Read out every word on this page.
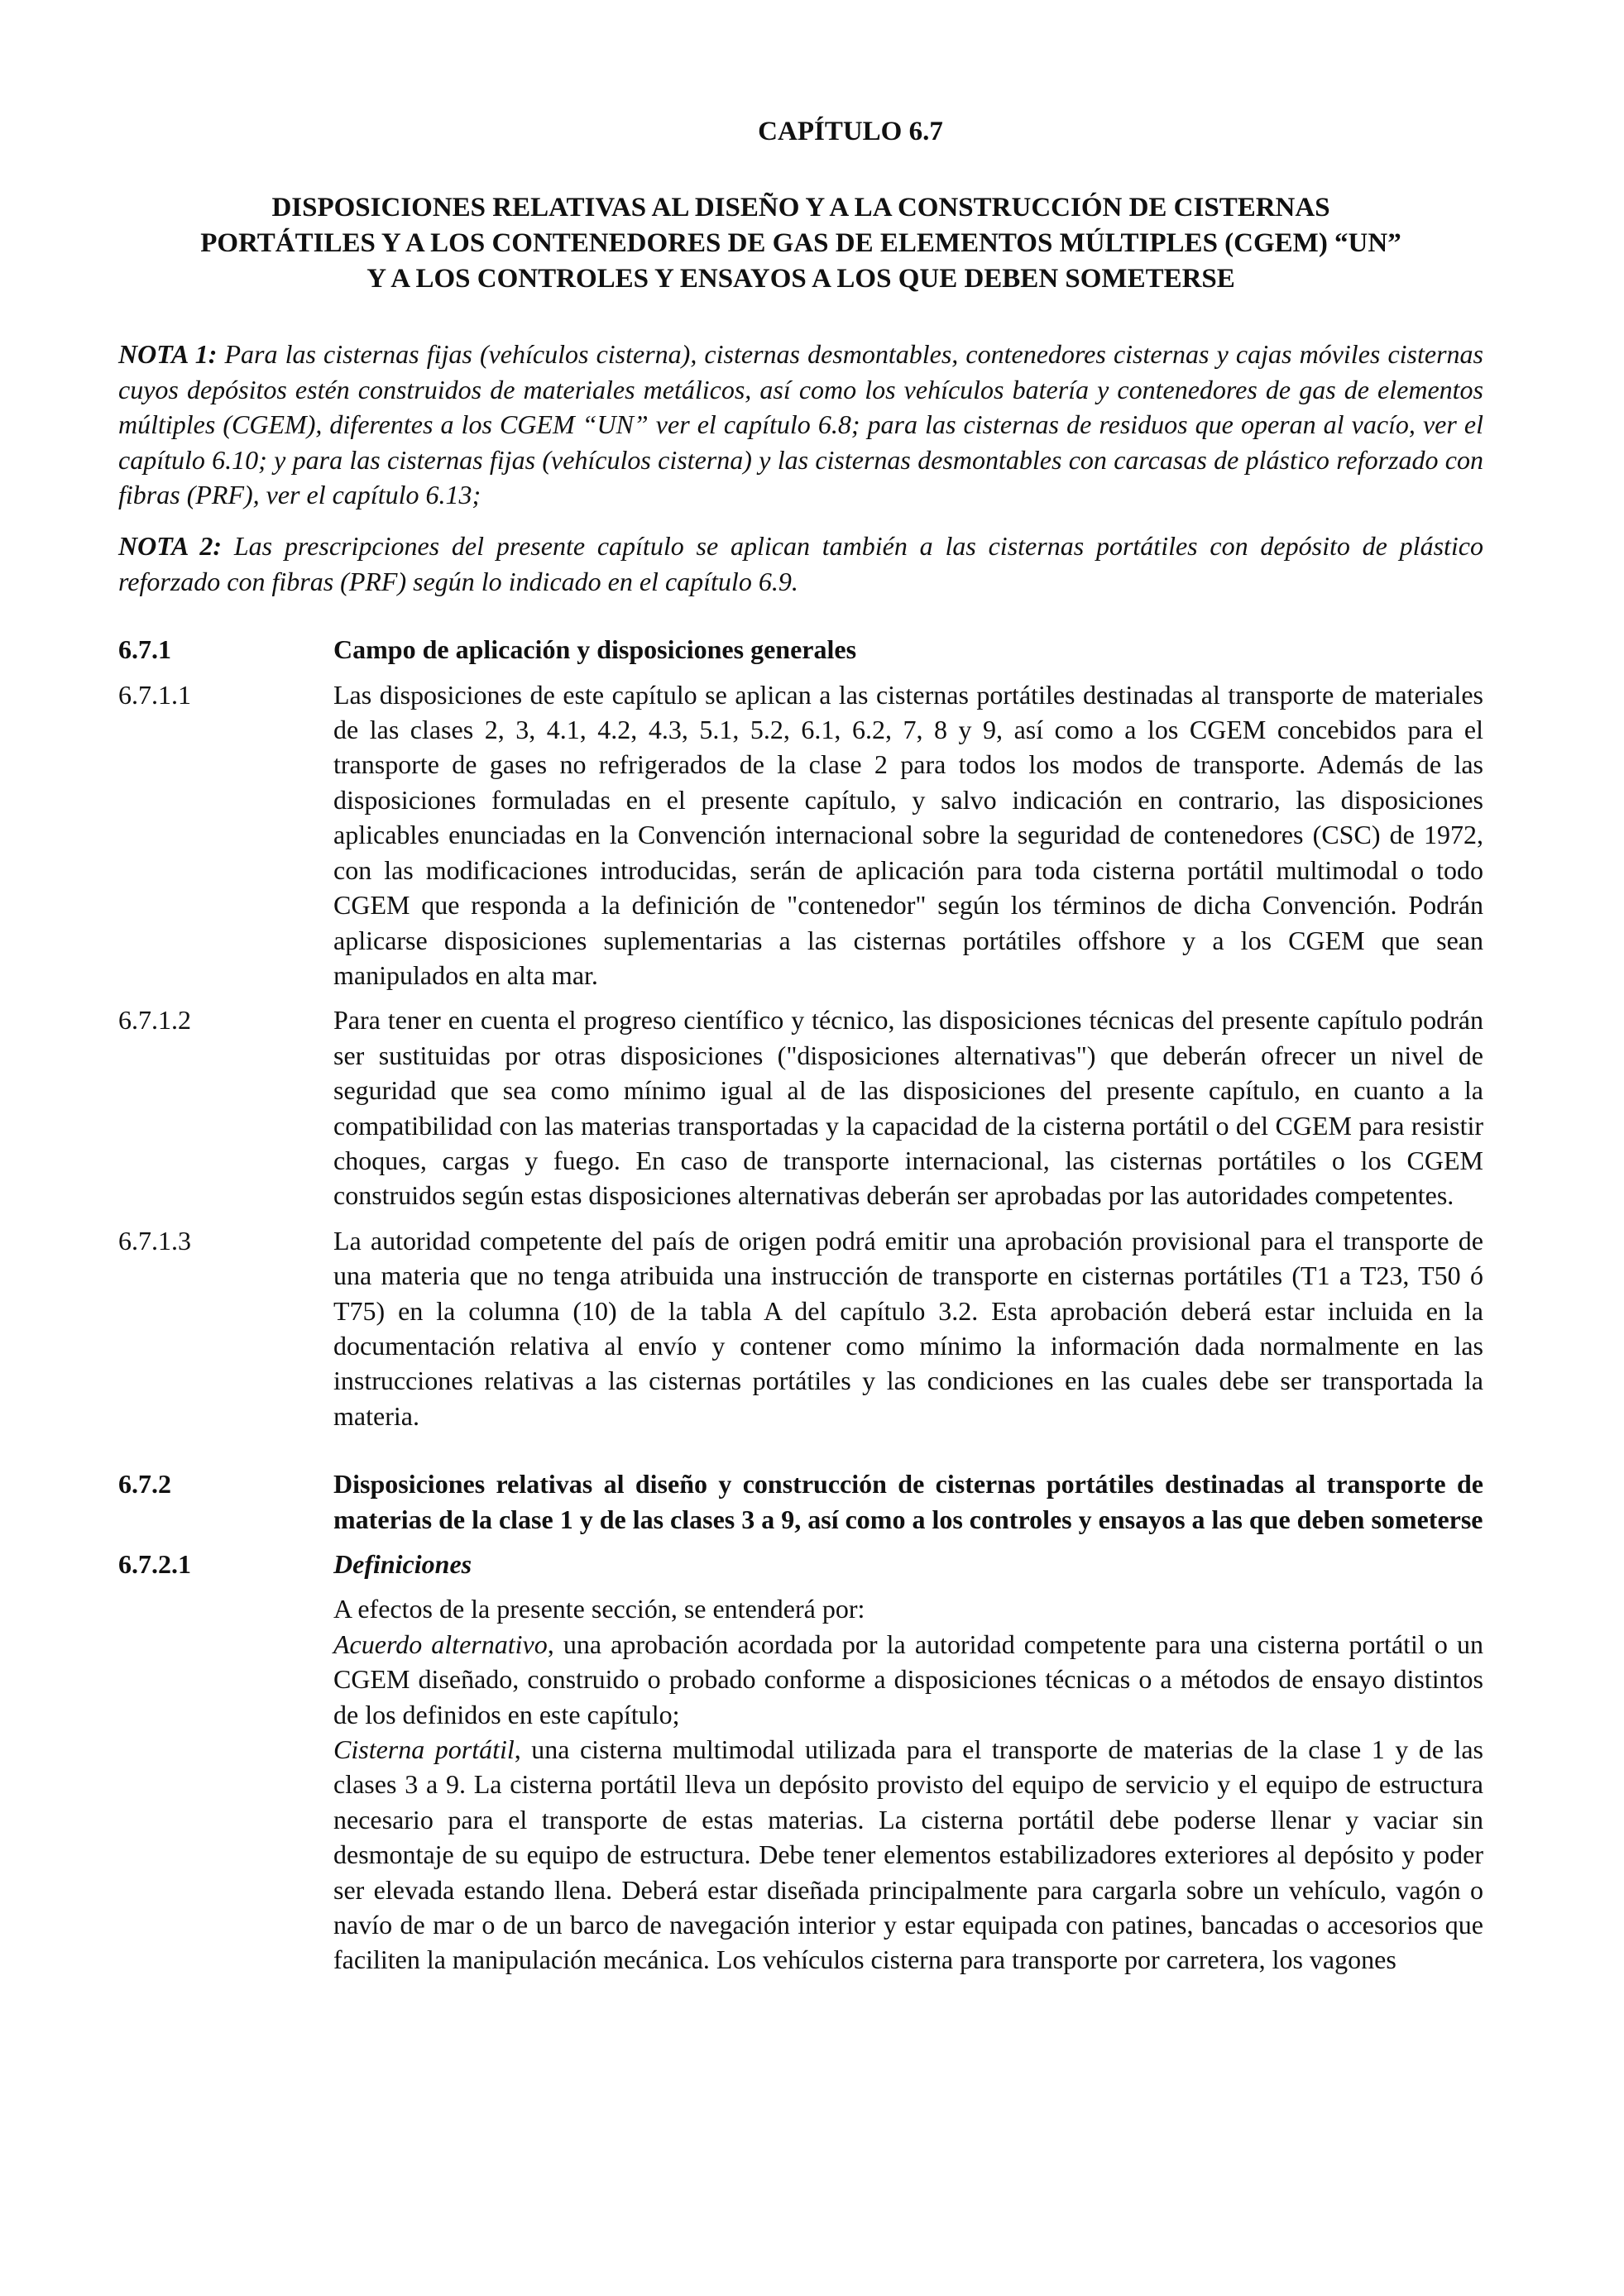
CAPÍTULO 6.7
DISPOSICIONES RELATIVAS AL DISEÑO Y A LA CONSTRUCCIÓN DE CISTERNAS
PORTÁTILES Y A LOS CONTENEDORES DE GAS DE ELEMENTOS MÚLTIPLES (CGEM) “UN”
Y A LOS CONTROLES Y ENSAYOS A LOS QUE DEBEN SOMETERSE

NOTA 1: Para las cisternas fijas (vehículos cisterna), cisternas desmontables, contenedores cisternas y cajas móviles cisternas cuyos depósitos estén construidos de materiales metálicos, así como los vehículos batería y contenedores de gas de elementos múltiples (CGEM), diferentes a los CGEM “UN” ver el capítulo 6.8; para las cisternas de residuos que operan al vacío, ver el capítulo 6.10; y para las cisternas fijas (vehículos cisterna) y las cisternas desmontables con carcasas de plástico reforzado con fibras (PRF), ver el capítulo 6.13;

NOTA 2: Las prescripciones del presente capítulo se aplican también a las cisternas portátiles con depósito de plástico reforzado con fibras (PRF) según lo indicado en el capítulo 6.9.

6.7.1	Campo de aplicación y disposiciones generales
6.7.1.1	Las disposiciones de este capítulo se aplican a las cisternas portátiles destinadas al transporte de materiales de las clases 2, 3, 4.1, 4.2, 4.3, 5.1, 5.2, 6.1, 6.2, 7, 8 y 9, así como a los CGEM concebidos para el transporte de gases no refrigerados de la clase 2 para todos los modos de transporte. Además de las disposiciones formuladas en el presente capítulo, y salvo indicación en contrario, las disposiciones aplicables enunciadas en la Convención internacional sobre la seguridad de contenedores (CSC) de 1972, con las modificaciones introducidas, serán de aplicación para toda cisterna portátil multimodal o todo CGEM que responda a la definición de "contenedor" según los términos de dicha Convención. Podrán aplicarse disposiciones suplementarias a las cisternas portátiles offshore y a los CGEM que sean manipulados en alta mar.
6.7.1.2	Para tener en cuenta el progreso científico y técnico, las disposiciones técnicas del presente capítulo podrán ser sustituidas por otras disposiciones ("disposiciones alternativas") que deberán ofrecer un nivel de seguridad que sea como mínimo igual al de las disposiciones del presente capítulo, en cuanto a la compatibilidad con las materias transportadas y la capacidad de la cisterna portátil o del CGEM para resistir choques, cargas y fuego. En caso de transporte internacional, las cisternas portátiles o los CGEM construidos según estas disposiciones alternativas deberán ser aprobadas por las autoridades competentes.
6.7.1.3	La autoridad competente del país de origen podrá emitir una aprobación provisional para el transporte de una materia que no tenga atribuida una instrucción de transporte en cisternas portátiles (T1 a T23, T50 ó T75) en la columna (10) de la tabla A del capítulo 3.2. Esta aprobación deberá estar incluida en la documentación relativa al envío y contener como mínimo la información dada normalmente en las instrucciones relativas a las cisternas portátiles y las condiciones en las cuales debe ser transportada la materia.
6.7.2	Disposiciones relativas al diseño y construcción de cisternas portátiles destinadas al transporte de materias de la clase 1 y de las clases 3 a 9, así como a los controles y ensayos a las que deben someterse
6.7.2.1	Definiciones
A efectos de la presente sección, se entenderá por:

Acuerdo alternativo, una aprobación acordada por la autoridad competente para una cisterna portátil o un CGEM diseñado, construido o probado conforme a disposiciones técnicas o a métodos de ensayo distintos de los definidos en este capítulo;

Cisterna portátil, una cisterna multimodal utilizada para el transporte de materias de la clase 1 y de las clases 3 a 9. La cisterna portátil lleva un depósito provisto del equipo de servicio y el equipo de estructura necesario para el transporte de estas materias. La cisterna portátil debe poderse llenar y vaciar sin desmontaje de su equipo de estructura. Debe tener elementos estabilizadores exteriores al depósito y poder ser elevada estando llena. Deberá estar diseñada principalmente para cargarla sobre un vehículo, vagón o navío de mar o de un barco de navegación interior y estar equipada con patines, bancadas o accesorios que faciliten la manipulación mecánica. Los vehículos cisterna para transporte por carretera, los vagones
